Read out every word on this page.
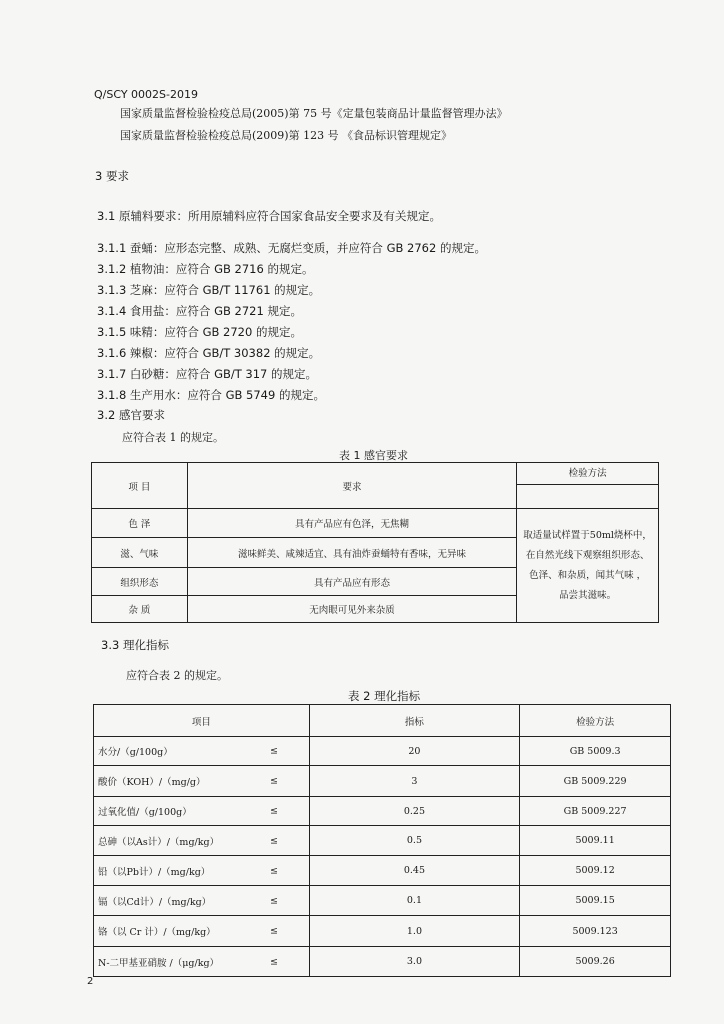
Q/SCY 0002S-2019
国家质量监督检验检疫总局(2005)第 75 号《定量包装商品计量监督管理办法》
国家质量监督检验检疫总局(2009)第 123 号 《食品标识管理规定》
3 要求
3.1 原辅料要求：所用原辅料应符合国家食品安全要求及有关规定。
3.1.1 蚕蛹：应形态完整、成熟、无腐烂变质，并应符合 GB 2762 的规定。
3.1.2 植物油：应符合 GB 2716 的规定。
3.1.3 芝麻：应符合 GB/T 11761 的规定。
3.1.4 食用盐：应符合 GB 2721 规定。
3.1.5 味精：应符合 GB 2720 的规定。
3.1.6 辣椒：应符合 GB/T 30382 的规定。
3.1.7 白砂糖：应符合 GB/T 317 的规定。
3.1.8 生产用水：应符合 GB 5749 的规定。
3.2 感官要求
应符合表 1 的规定。
表 1 感官要求
项 目	要求	检验方法

色 泽	具有产品应有色泽，无焦糊	取适量试样置于50ml烧杯中，
在自然光线下观察组织形态、
色泽、和杂质，闻其气味 ，
品尝其滋味。

滋、气味	滋味鲜美、咸辣适宜、具有油炸蚕蛹特有香味，无异味	
组织形态	具有产品应有形态	
杂 质	无肉眼可见外来杂质	
3.3 理化指标
应符合表 2 的规定。
表 2 理化指标
项目	指标	检验方法
水分/（g/100g） ≤	20	GB 5009.3
酸价（KOH）/（mg/g） ≤	3	GB 5009.229
过氧化值/（g/100g） ≤	0.25	GB 5009.227
总砷（以As计）/（mg/kg） ≤	0.5	5009.11
铅（以Pb计）/（mg/kg） ≤	0.45	5009.12
镉（以Cd计）/（mg/kg） ≤	0.1	5009.15
铬（以 Cr 计）/（mg/kg） ≤	1.0	5009.123
N-二甲基亚硝胺 /（μg/kg） ≤	3.0	5009.26
2
